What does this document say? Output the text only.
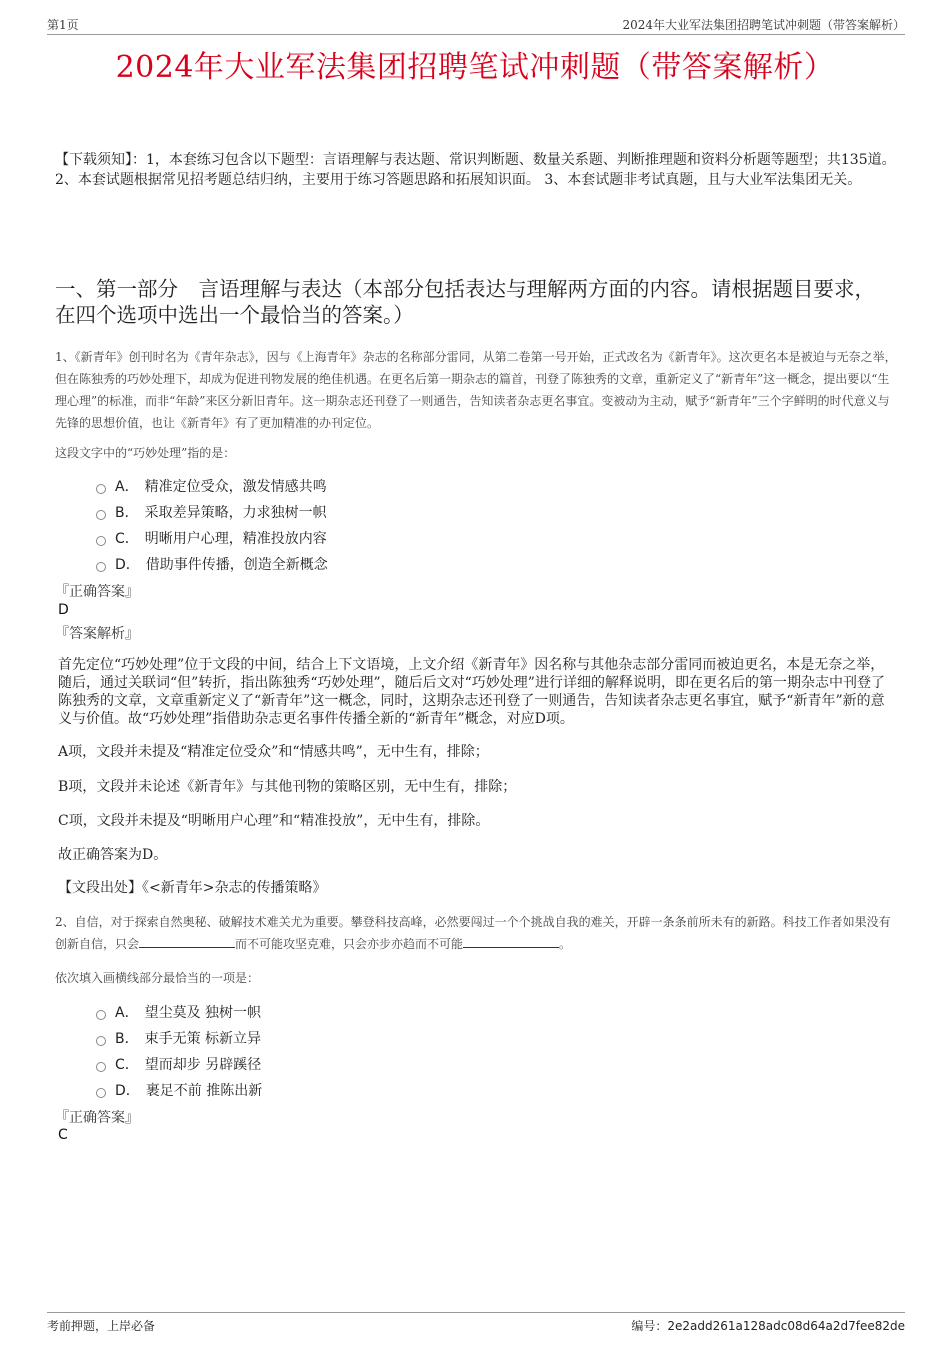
第1页	2024年大业军法集团招聘笔试冲刺题（带答案解析）
2024年大业军法集团招聘笔试冲刺题（带答案解析）
【下载须知】：1，本套练习包含以下题型：言语理解与表达题、常识判断题、数量关系题、判断推理题和资料分析题等题型；共135道。 2、本套试题根据常见招考题总结归纳，主要用于练习答题思路和拓展知识面。 3、本套试题非考试真题，且与大业军法集团无关。
一、第一部分　言语理解与表达（本部分包括表达与理解两方面的内容。请根据题目要求，在四个选项中选出一个最恰当的答案。）

1、《新青年》创刊时名为《青年杂志》，因与《上海青年》杂志的名称部分雷同，从第二卷第一号开始，正式改名为《新青年》。这次更名本是被迫与无奈之举，但在陈独秀的巧妙处理下，却成为促进刊物发展的绝佳机遇。在更名后第一期杂志的篇首，刊登了陈独秀的文章，重新定义了“新青年”这一概念，提出要以“生理心理”的标准，而非“年龄”来区分新旧青年。这一期杂志还刊登了一则通告，告知读者杂志更名事宜。变被动为主动，赋予“新青年”三个字鲜明的时代意义与先锋的思想价值，也让《新青年》有了更加精准的办刊定位。

这段文字中的“巧妙处理”指的是：
A． 精准定位受众，激发情感共鸣
B． 采取差异策略，力求独树一帜
C． 明晰用户心理，精准投放内容
D． 借助事件传播，创造全新概念
『正确答案』
D
『答案解析』

首先定位“巧妙处理”位于文段的中间，结合上下文语境，上文介绍《新青年》因名称与其他杂志部分雷同而被迫更名，本是无奈之举，随后，通过关联词“但”转折，指出陈独秀“巧妙处理”，随后后文对“巧妙处理”进行详细的解释说明，即在更名后的第一期杂志中刊登了陈独秀的文章，文章重新定义了“新青年”这一概念，同时，这期杂志还刊登了一则通告，告知读者杂志更名事宜，赋予“新青年”新的意义与价值。故“巧妙处理”指借助杂志更名事件传播全新的“新青年”概念，对应D项。

A项，文段并未提及“精准定位受众”和“情感共鸣”，无中生有，排除；

B项，文段并未论述《新青年》与其他刊物的策略区别，无中生有，排除；

C项，文段并未提及“明晰用户心理”和“精准投放”，无中生有，排除。

故正确答案为D。

【文段出处】《<新青年>杂志的传播策略》

2、自信，对于探索自然奥秘、破解技术难关尤为重要。攀登科技高峰，必然要闯过一个个挑战自我的难关，开辟一条条前所未有的新路。科技工作者如果没有创新自信，只会	而不可能攻坚克难，只会亦步亦趋而不可能	。

依次填入画横线部分最恰当的一项是：
A． 望尘莫及 独树一帜
B． 束手无策 标新立异
C． 望而却步 另辟蹊径
D． 裹足不前 推陈出新
『正确答案』
C
考前押题，上岸必备	编号：2e2add261a128adc08d64a2d7fee82de
